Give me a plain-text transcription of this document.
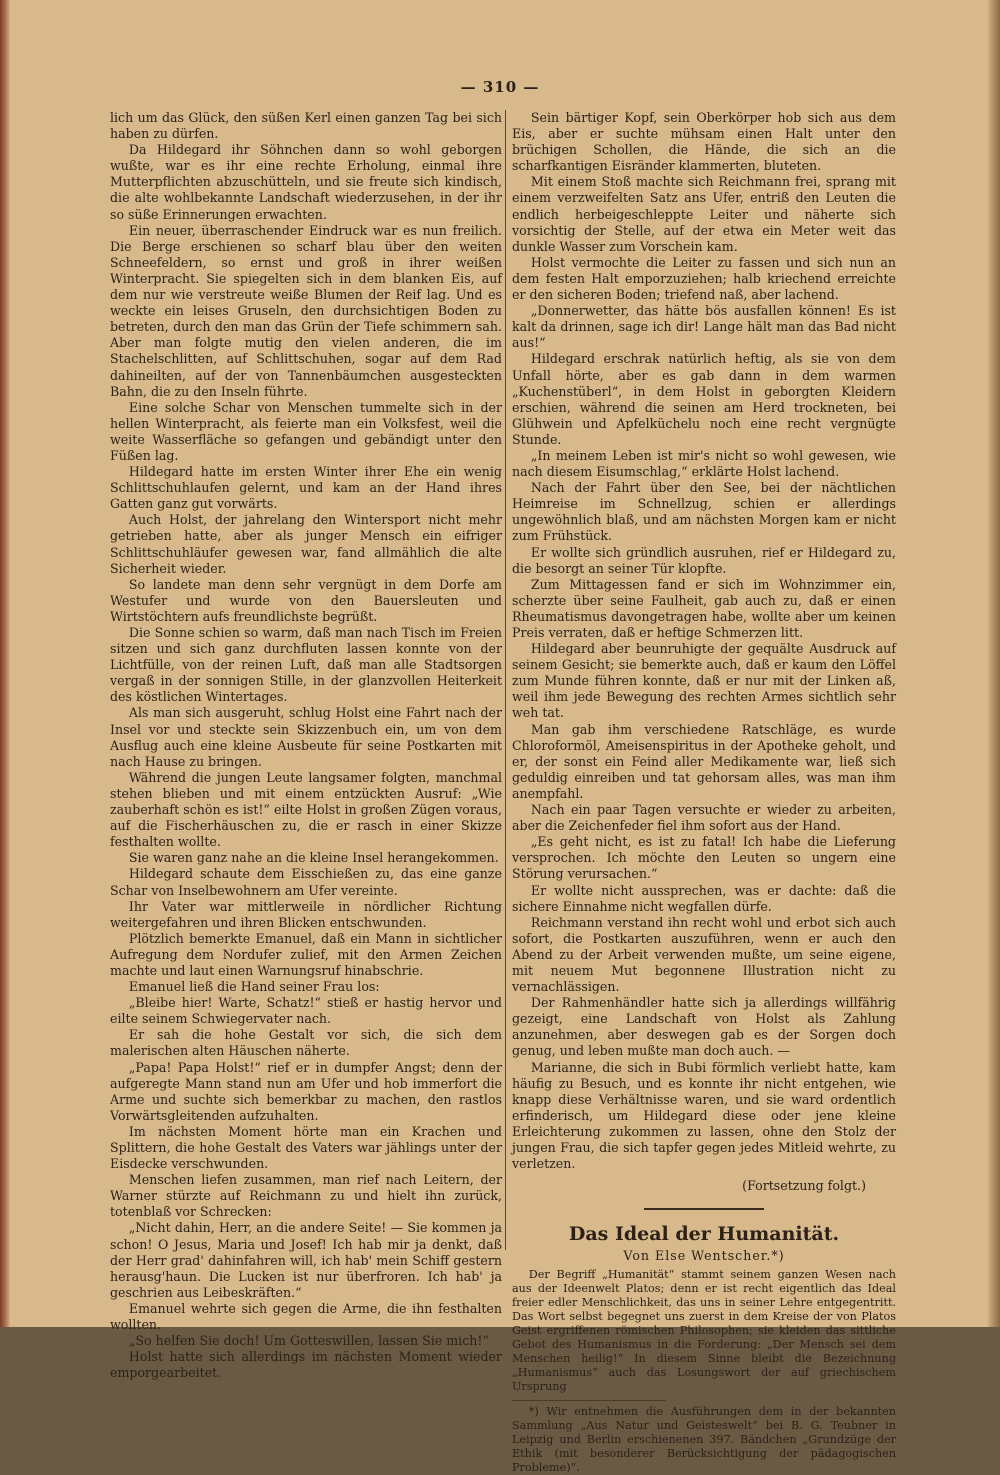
— 310 —

lich um das Glück, den süßen Kerl einen ganzen Tag bei sich haben zu dürfen.

Da Hildegard ihr Söhnchen dann so wohl geborgen wußte, war es ihr eine rechte Erholung, einmal ihre Mutterpflichten abzuschütteln, und sie freute sich kindisch, die alte wohlbekannte Landschaft wiederzusehen, in der ihr so süße Erinnerungen erwachten.

Ein neuer, überraschender Eindruck war es nun freilich. Die Berge erschienen so scharf blau über den weiten Schneefeldern, so ernst und groß in ihrer weißen Winterpracht. Sie spiegelten sich in dem blanken Eis, auf dem nur wie verstreute weiße Blumen der Reif lag. Und es weckte ein leises Gruseln, den durchsichtigen Boden zu betreten, durch den man das Grün der Tiefe schimmern sah. Aber man folgte mutig den vielen anderen, die im Stachelschlitten, auf Schlittschuhen, sogar auf dem Rad dahineilten, auf der von Tannenbäumchen ausgesteckten Bahn, die zu den Inseln führte.

Eine solche Schar von Menschen tummelte sich in der hellen Winterpracht, als feierte man ein Volksfest, weil die weite Wasserfläche so gefangen und gebändigt unter den Füßen lag.

Hildegard hatte im ersten Winter ihrer Ehe ein wenig Schlittschuhlaufen gelernt, und kam an der Hand ihres Gatten ganz gut vorwärts.

Auch Holst, der jahrelang den Wintersport nicht mehr getrieben hatte, aber als junger Mensch ein eifriger Schlittschuhläufer gewesen war, fand allmählich die alte Sicherheit wieder.

So landete man denn sehr vergnügt in dem Dorfe am Westufer und wurde von den Bauersleuten und Wirtstöchtern aufs freundlichste begrüßt.

Die Sonne schien so warm, daß man nach Tisch im Freien sitzen und sich ganz durchfluten lassen konnte von der Lichtfülle, von der reinen Luft, daß man alle Stadtsorgen vergaß in der sonnigen Stille, in der glanzvollen Heiterkeit des köstlichen Wintertages.

Als man sich ausgeruht, schlug Holst eine Fahrt nach der Insel vor und steckte sein Skizzenbuch ein, um von dem Ausflug auch eine kleine Ausbeute für seine Postkarten mit nach Hause zu bringen.

Während die jungen Leute langsamer folgten, manchmal stehen blieben und mit einem entzückten Ausruf: „Wie zauberhaft schön es ist!“ eilte Holst in großen Zügen voraus, auf die Fischerhäuschen zu, die er rasch in einer Skizze festhalten wollte.

Sie waren ganz nahe an die kleine Insel herangekommen.

Hildegard schaute dem Eisschießen zu, das eine ganze Schar von Inselbewohnern am Ufer vereinte.

Ihr Vater war mittlerweile in nördlicher Richtung weitergefahren und ihren Blicken entschwunden.

Plötzlich bemerkte Emanuel, daß ein Mann in sichtlicher Aufregung dem Nordufer zulief, mit den Armen Zeichen machte und laut einen Warnungsruf hinabschrie.

Emanuel ließ die Hand seiner Frau los:

„Bleibe hier! Warte, Schatz!“ stieß er hastig hervor und eilte seinem Schwiegervater nach.

Er sah die hohe Gestalt vor sich, die sich dem malerischen alten Häuschen näherte.

„Papa! Papa Holst!“ rief er in dumpfer Angst; denn der aufgeregte Mann stand nun am Ufer und hob immerfort die Arme und suchte sich bemerkbar zu machen, den rastlos Vorwärtsgleitenden aufzuhalten.

Im nächsten Moment hörte man ein Krachen und Splittern, die hohe Gestalt des Vaters war jählings unter der Eisdecke verschwunden.

Menschen liefen zusammen, man rief nach Leitern, der Warner stürzte auf Reichmann zu und hielt ihn zurück, totenblaß vor Schrecken:

„Nicht dahin, Herr, an die andere Seite! — Sie kommen ja schon! O Jesus, Maria und Josef! Ich hab mir ja denkt, daß der Herr grad' dahinfahren will, ich hab' mein Schiff gestern herausg'haun. Die Lucken ist nur überfroren. Ich hab' ja geschrien aus Leibeskräften.“

Emanuel wehrte sich gegen die Arme, die ihn festhalten wollten.

„So helfen Sie doch! Um Gotteswillen, lassen Sie mich!“

Holst hatte sich allerdings im nächsten Moment wieder emporgearbeitet.

Sein bärtiger Kopf, sein Oberkörper hob sich aus dem Eis, aber er suchte mühsam einen Halt unter den brüchigen Schollen, die Hände, die sich an die scharfkantigen Eisränder klammerten, bluteten.

Mit einem Stoß machte sich Reichmann frei, sprang mit einem verzweifelten Satz ans Ufer, entriß den Leuten die endlich herbeigeschleppte Leiter und näherte sich vorsichtig der Stelle, auf der etwa ein Meter weit das dunkle Wasser zum Vorschein kam.

Holst vermochte die Leiter zu fassen und sich nun an dem festen Halt emporzuziehen; halb kriechend erreichte er den sicheren Boden; triefend naß, aber lachend.

„Donnerwetter, das hätte bös ausfallen können! Es ist kalt da drinnen, sage ich dir! Lange hält man das Bad nicht aus!“

Hildegard erschrak natürlich heftig, als sie von dem Unfall hörte, aber es gab dann in dem warmen „Kuchenstüberl“, in dem Holst in geborgten Kleidern erschien, während die seinen am Herd trockneten, bei Glühwein und Apfelküchelu noch eine recht vergnügte Stunde.

„In meinem Leben ist mir's nicht so wohl gewesen, wie nach diesem Eisumschlag,“ erklärte Holst lachend.

Nach der Fahrt über den See, bei der nächtlichen Heimreise im Schnellzug, schien er allerdings ungewöhnlich blaß, und am nächsten Morgen kam er nicht zum Frühstück.

Er wollte sich gründlich ausruhen, rief er Hildegard zu, die besorgt an seiner Tür klopfte.

Zum Mittagessen fand er sich im Wohnzimmer ein, scherzte über seine Faulheit, gab auch zu, daß er einen Rheumatismus davongetragen habe, wollte aber um keinen Preis verraten, daß er heftige Schmerzen litt.

Hildegard aber beunruhigte der gequälte Ausdruck auf seinem Gesicht; sie bemerkte auch, daß er kaum den Löffel zum Munde führen konnte, daß er nur mit der Linken aß, weil ihm jede Bewegung des rechten Armes sichtlich sehr weh tat.

Man gab ihm verschiedene Ratschläge, es wurde Chloroformöl, Ameisenspiritus in der Apotheke geholt, und er, der sonst ein Feind aller Medikamente war, ließ sich geduldig einreiben und tat gehorsam alles, was man ihm anempfahl.

Nach ein paar Tagen versuchte er wieder zu arbeiten, aber die Zeichenfeder fiel ihm sofort aus der Hand.

„Es geht nicht, es ist zu fatal! Ich habe die Lieferung versprochen. Ich möchte den Leuten so ungern eine Störung verursachen.“

Er wollte nicht aussprechen, was er dachte: daß die sichere Einnahme nicht wegfallen dürfe.

Reichmann verstand ihn recht wohl und erbot sich auch sofort, die Postkarten auszuführen, wenn er auch den Abend zu der Arbeit verwenden mußte, um seine eigene, mit neuem Mut begonnene Illustration nicht zu vernachlässigen.

Der Rahmenhändler hatte sich ja allerdings willfährig gezeigt, eine Landschaft von Holst als Zahlung anzunehmen, aber deswegen gab es der Sorgen doch genug, und leben mußte man doch auch. —

Marianne, die sich in Bubi förmlich verliebt hatte, kam häufig zu Besuch, und es konnte ihr nicht entgehen, wie knapp diese Verhältnisse waren, und sie ward ordentlich erfinderisch, um Hildegard diese oder jene kleine Erleichterung zukommen zu lassen, ohne den Stolz der jungen Frau, die sich tapfer gegen jedes Mitleid wehrte, zu verletzen.

(Fortsetzung folgt.)

Das Ideal der Humanität.
Von Else Wentscher.*)

Der Begriff „Humanität“ stammt seinem ganzen Wesen nach aus der Ideenwelt Platos; denn er ist recht eigentlich das Ideal freier edler Menschlichkeit, das uns in seiner Lehre entgegentritt. Das Wort selbst begegnet uns zuerst in dem Kreise der von Platos Geist ergriffenen römischen Philosophen; sie kleiden das sittliche Gebot des Humanismus in die Forderung: „Der Mensch sei dem Menschen heilig!“ In diesem Sinne bleibt die Bezeichnung „Humanismus“ auch das Losungswort der auf griechischem Ursprung

*) Wir entnehmen die Ausführungen dem in der bekannten Sammlung „Aus Natur und Geisteswelt“ bei B. G. Teubner in Leipzig und Berlin erschienenen 397. Bändchen „Grundzüge der Ethik (mit besonderer Berücksichtigung der pädagogischen Probleme)“.
